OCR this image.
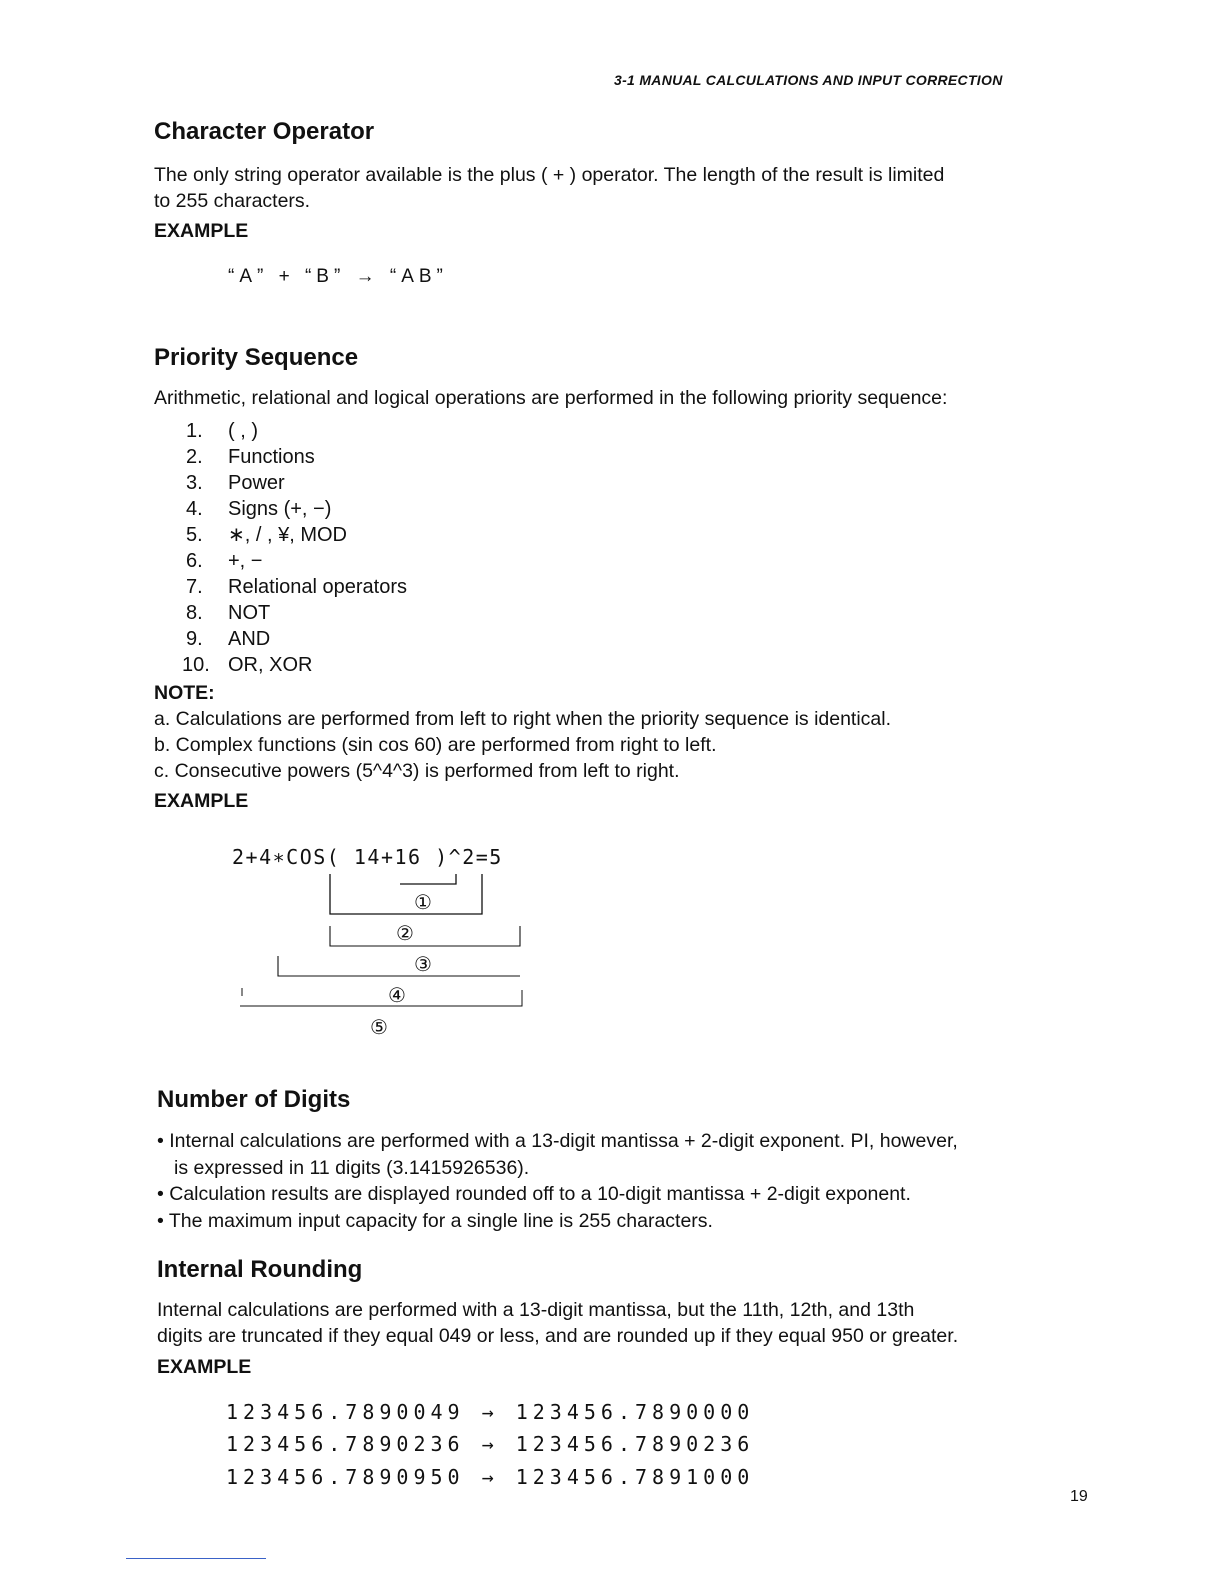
3-1 MANUAL CALCULATIONS AND INPUT CORRECTION
Character Operator
The only string operator available is the plus ( + ) operator. The length of the result is limited
to 255 characters.
EXAMPLE
“A” + “B” → “AB”
Priority Sequence
Arithmetic, relational and logical operations are performed in the following priority sequence:
1. ( , )
2. Functions
3. Power
4. Signs (+, −)
5. ∗, / , ¥, MOD
6. +, −
7. Relational operators
8. NOT
9. AND
10. OR, XOR
NOTE:
a. Calculations are performed from left to right when the priority sequence is identical.
b. Complex functions (sin cos 60) are performed from right to left.
c. Consecutive powers (5^4^3) is performed from left to right.
EXAMPLE
2+4∗COS( 14+16 )^2=5
①
②
③
④
⑤
Number of Digits
• Internal calculations are performed with a 13-digit mantissa + 2-digit exponent. PI, however,
is expressed in 11 digits (3.1415926536).
• Calculation results are displayed rounded off to a 10-digit mantissa + 2-digit exponent.
• The maximum input capacity for a single line is 255 characters.
Internal Rounding
Internal calculations are performed with a 13-digit mantissa, but the 11th, 12th, and 13th
digits are truncated if they equal 049 or less, and are rounded up if they equal 950 or greater.
EXAMPLE
123456.7890049 → 123456.7890000
123456.7890236 → 123456.7890236
123456.7890950 → 123456.7891000
19
